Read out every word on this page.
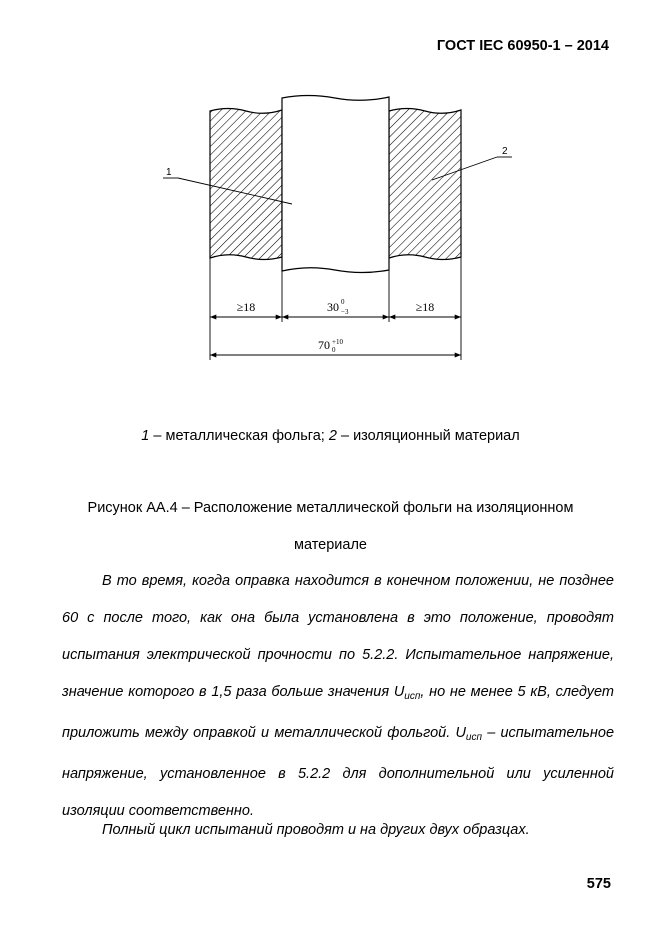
ГОСТ IEC 60950-1 – 2014
1
2
≥18	≥18
30 0
−3
70 +10
0
1 – металлическая фольга; 2 – изоляционный материал
Рисунок АА.4 – Расположение металлической фольги на изоляционном
материале
В то время, когда оправка находится в конечном положении, не позднее 60 с после того, как она была установлена в это положение, проводят испытания электрической прочности по 5.2.2. Испытательное напряжение, значение которого в 1,5 раза больше значения $U_{исп}$, но не менее 5 кВ, следует приложить между оправкой и металлической фольгой. $U_{исп}$ – испытательное напряжение, установленное в 5.2.2 для дополнительной или усиленной изоляции соответственно.
Полный цикл испытаний проводят и на других двух образцах.
575
